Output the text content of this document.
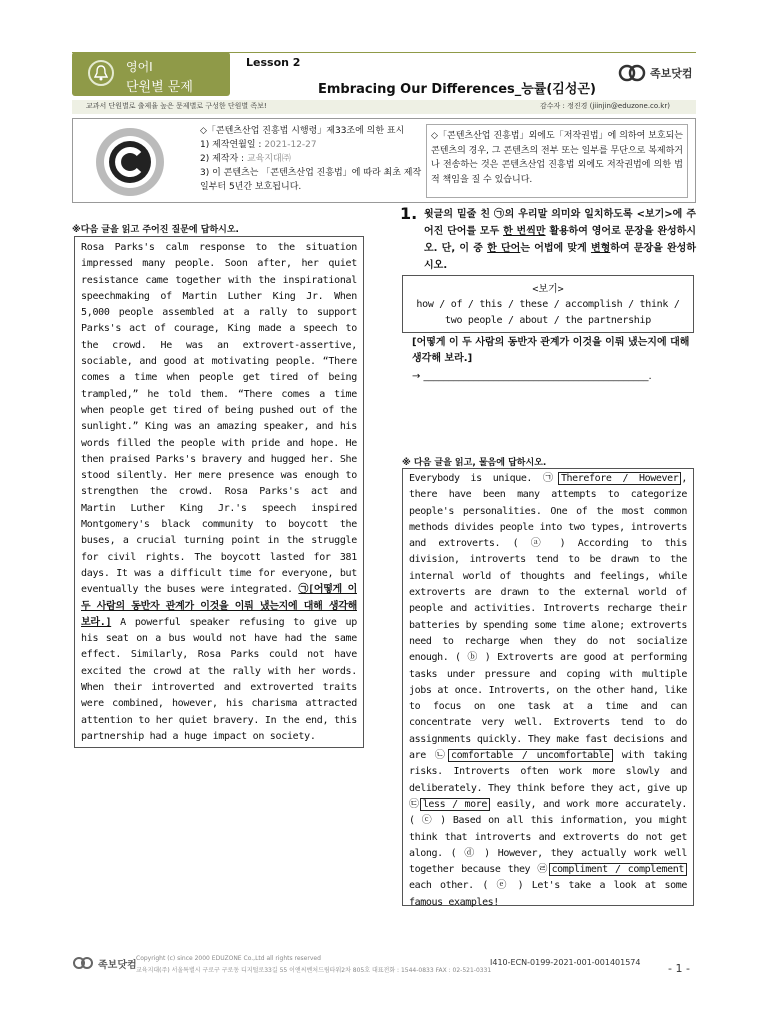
영어Ⅰ
단원별 문제
Lesson 2
Embracing Our Differences_능률(김성곤)
족보닷컴
교과서 단원별로 출제율 높은 문제별로 구성한 단원별 족보!	감수자 : 정진경 (jiinjin@eduzone.co.kr)
◇「콘텐츠산업 진흥법 시행령」제33조에 의한 표시
1) 제작연월일 : 2021-12-27
2) 제작자 : 교육지대㈜
3) 이 콘텐츠는 「콘텐츠산업 진흥법」에 따라 최초 제작일부터 5년간 보호됩니다.
◇「콘텐츠산업 진흥법」외에도「저작권법」에 의하여 보호되는 콘텐츠의 경우, 그 콘텐츠의 전부 또는 일부를 무단으로 복제하거나 전송하는 것은 콘텐츠산업 진흥법 외에도 저작권법에 의한 법적 책임을 질 수 있습니다.
※다음 글을 읽고 주어진 질문에 답하시오.
Rosa Parks's calm response to the situation impressed many people. Soon after, her quiet resistance came together with the inspirational speechmaking of Martin Luther King Jr. When 5,000 people assembled at a rally to support Parks's act of courage, King made a speech to the crowd. He was an extrovert-assertive, sociable, and good at motivating people. “There comes a time when people get tired of being trampled,” he told them. “There comes a time when people get tired of being pushed out of the sunlight.” King was an amazing speaker, and his words filled the people with pride and hope. He then praised Parks's bravery and hugged her. She stood silently. Her mere presence was enough to strengthen the crowd. Rosa Parks's act and Martin Luther King Jr.'s speech inspired Montgomery's black community to boycott the buses, a crucial turning point in the struggle for civil rights. The boycott lasted for 381 days. It was a difficult time for everyone, but eventually the buses were integrated. ㉠[어떻게 이 두 사람의 동반자 관계가 이것을 이뤄 냈는지에 대해 생각해 보라.] A powerful speaker refusing to give up his seat on a bus would not have had the same effect. Similarly, Rosa Parks could not have excited the crowd at the rally with her words. When their introverted and extroverted traits were combined, however, his charisma attracted attention to her quiet bravery. In the end, this partnership had a huge impact on society.
1. 윗글의 밑줄 친 ㉠의 우리말 의미와 일치하도록 <보기>에 주어진 단어를 모두 한 번씩만 활용하여 영어로 문장을 완성하시오. 단, 이 중 한 단어는 어법에 맞게 변형하여 문장을 완성하시오.
<보기>
how / of / this / these / accomplish / think / two people / about / the partnership
[어떻게 이 두 사람의 동반자 관계가 이것을 이뤄 냈는지에 대해 생각해 보라.]
→ _____________________________________________.
※ 다음 글을 읽고, 물음에 답하시오.
Everybody is unique. ㉠ Therefore / However , there have been many attempts to categorize people's personalities. One of the most common methods divides people into two types, introverts and extroverts. ( ⓐ ) According to this division, introverts tend to be drawn to the internal world of thoughts and feelings, while extroverts are drawn to the external world of people and activities. Introverts recharge their batteries by spending some time alone; extroverts need to recharge when they do not socialize enough. ( ⓑ ) Extroverts are good at performing tasks under pressure and coping with multiple jobs at once. Introverts, on the other hand, like to focus on one task at a time and can concentrate very well. Extroverts tend to do assignments quickly. They make fast decisions and are ㉡ comfortable / uncomfortable with taking risks. Introverts often work more slowly and deliberately. They think before they act, give up ㉢ less / more easily, and work more accurately. ( ⓒ ) Based on all this information, you might think that introverts and extroverts do not get along. ( ⓓ ) However, they actually work well together because they ㉣ compliment / complement each other. ( ⓔ ) Let's take a look at some famous examples!
족보닷컴
Copyright (c) since 2000 EDUZONE Co.,Ltd all rights reserved
교육지대(주) 서울특별시 구로구 구로동 디지털로33길 55 이앤씨벤처드림타워2차 805호 대표전화 : 1544-0833 FAX : 02-521-0331
I410-ECN-0199-2021-001-001401574	- 1 -
